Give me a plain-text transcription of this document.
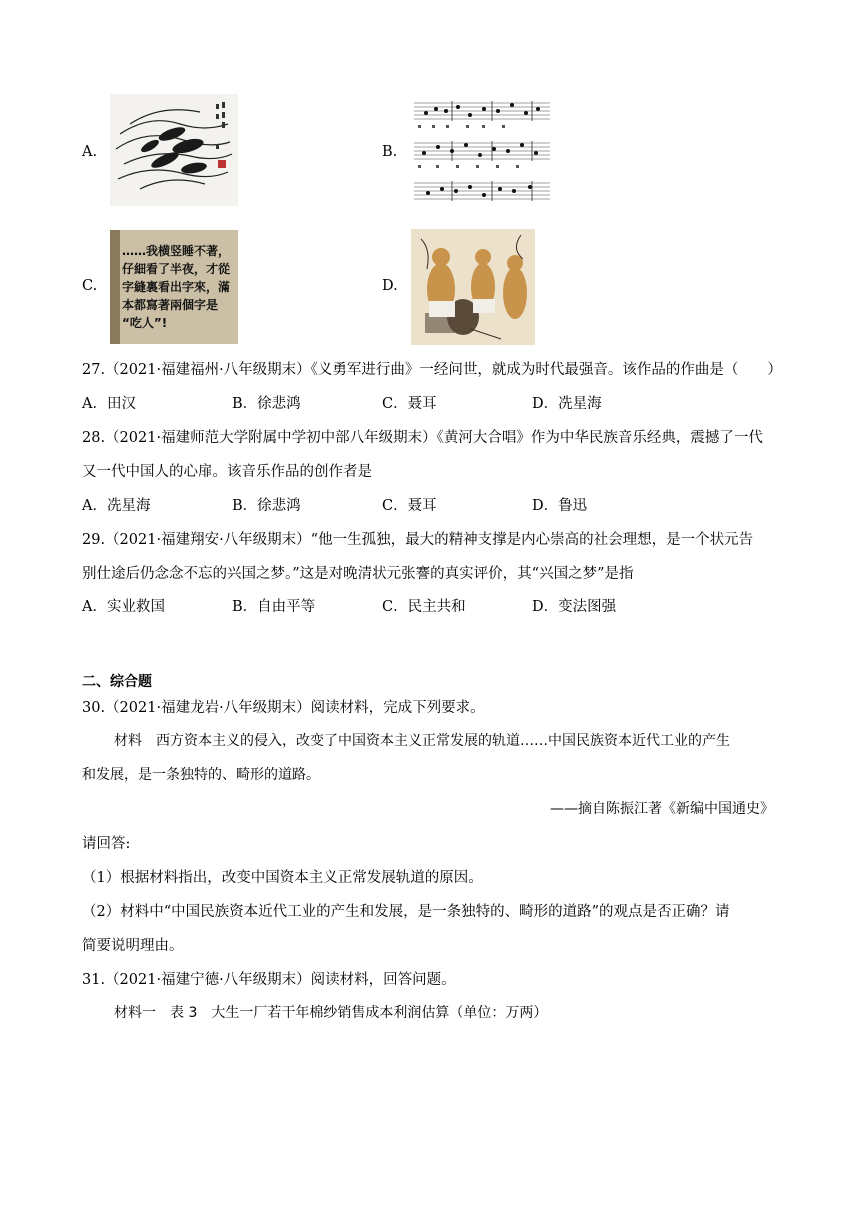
A.	B.
C.
……我横竖睡不著，
仔細看了半夜，才從
字縫裏看出字來，滿
本都寫著兩個字是
“吃人”!
D.
27.（2021·福建福州·八年级期末）《义勇军进行曲》一经问世，就成为时代最强音。该作品的作曲是（　　）
A．田汉	B．徐悲鸿	C．聂耳	D．冼星海
28.（2021·福建师范大学附属中学初中部八年级期末）《黄河大合唱》作为中华民族音乐经典，震撼了一代
又一代中国人的心扉。该音乐作品的创作者是
A．冼星海	B．徐悲鸿	C．聂耳	D．鲁迅
29.（2021·福建翔安·八年级期末）“他一生孤独，最大的精神支撑是内心崇高的社会理想，是一个状元告
别仕途后仍念念不忘的兴国之梦。”这是对晚清状元张謇的真实评价，其“兴国之梦”是指
A．实业救国	B．自由平等	C．民主共和	D．变法图强
二、综合题
30.（2021·福建龙岩·八年级期末）阅读材料，完成下列要求。
材料　西方资本主义的侵入，改变了中国资本主义正常发展的轨道……中国民族资本近代工业的产生
和发展，是一条独特的、畸形的道路。
——摘自陈振江著《新编中国通史》
请回答:
（1）根据材料指出，改变中国资本主义正常发展轨道的原因。
（2）材料中“中国民族资本近代工业的产生和发展，是一条独特的、畸形的道路”的观点是否正确？请
简要说明理由。
31.（2021·福建宁德·八年级期末）阅读材料，回答问题。
材料一　表 3　大生一厂若干年棉纱销售成本利润估算（单位：万两）
